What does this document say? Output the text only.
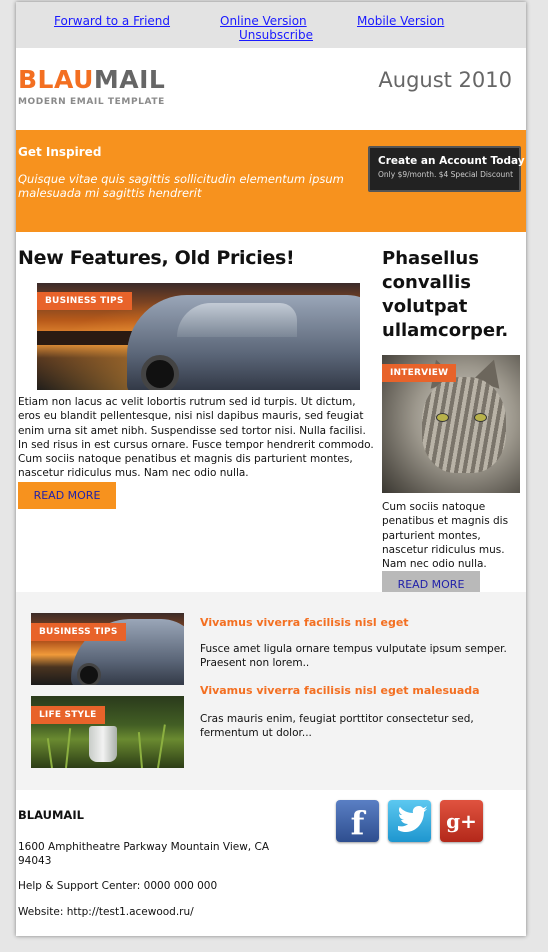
Forward to a Friend	Online Version	Mobile Version
Unsubscribe
BLAUMAIL
MODERN EMAIL TEMPLATE
August 2010
Get Inspired
Quisque vitae quis sagittis sollicitudin elementum ipsum malesuada mi sagittis hendrerit
Create an Account Today
Only $9/month. $4 Special Discount
New Features, Old Pricies!
BUSINESS TIPS
Etiam non lacus ac velit lobortis rutrum sed id turpis. Ut dictum, eros eu blandit pellentesque, nisi nisl dapibus mauris, sed feugiat enim urna sit amet nibh. Suspendisse sed tortor nisi. Nulla facilisi. In sed risus in est cursus ornare. Fusce tempor hendrerit commodo. Cum sociis natoque penatibus et magnis dis parturient montes, nascetur ridiculus mus. Nam nec odio nulla.
READ MORE
Phasellus convallis volutpat ullamcorper.
INTERVIEW
Cum sociis natoque penatibus et magnis dis parturient montes, nascetur ridiculus mus. Nam nec odio nulla.
READ MORE
BUSINESS TIPS
Vivamus viverra facilisis nisl eget
Fusce amet ligula ornare tempus vulputate ipsum semper. Praesent non lorem..
LIFE STYLE
Vivamus viverra facilisis nisl eget malesuada
Cras mauris enim, feugiat porttitor consectetur sed, fermentum ut dolor...
BLAUMAIL
1600 Amphitheatre Parkway Mountain View, CA 94043
Help & Support Center: 0000 000 000
Website: http://test1.acewood.ru/
f	g+
